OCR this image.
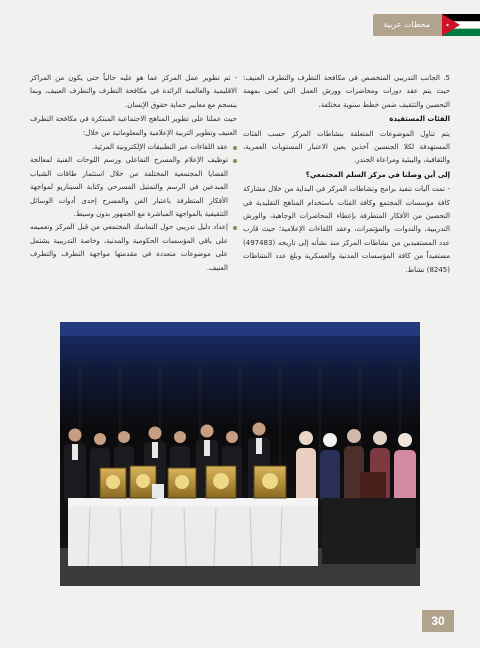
محطات عربية

5. الجانب التدريبي المتخصص في مكافحة التطرف والتطرف العنيف: حيث يتم عقد دورات ومحاضرات وورش العمل التي تُعنى بمهمة التحصين والتثقيف ضمن خطط سنوية مختلفة.

الفئات المستفيدة

يتم تناول الموضوعات المتعلقة بنشاطات المركز حسب الفئات المستهدفة لكلا الجنسين آخذين بعين الاعتبار المستويات العمرية، والثقافية، والبيئية ومراعاة الجندر.

إلى أين وصلنا في مركز السلم المجتمعي؟

- تمت آليات تنفيذ برامج ونشاطات المركز في البداية من خلال مشاركة كافة مؤسسات المجتمع وكافة الفئات باستخدام المناهج التقليدية في التحصين من الأفكار المتطرفة بإعطاء المحاضرات الوجاهية، والورش التدريبية، والندوات، والمؤتمرات، وعقد اللقاءات الإعلامية؛ حيث قارب عدد المستفيدين من نشاطات المركز منذ نشأته إلى تاريخه (497483) مستفيداً من كافة المؤسسات المدنية والعسكرية وبلغ عدد النشاطات (8245) نشاط.

- تم تطوير عمل المركز عما هو عليه حالياً حتى يكون من المراكز الاقليمية والعالمية الرائدة في مكافحة التطرف والتطرف العنيف، وبما ينسجم مع معايير حماية حقوق الإنسان.

حيث عملنا على تطوير المناهج الاجتماعية المبتكرة في مكافحة التطرف العنيف وتطوير التربية الإعلامية والمعلوماتية من خلال:

عقد اللقاءات عبر التطبيقات الإلكترونية المرئية.
توظيف الإعلام والمسرح التفاعلي ورسم اللوحات الفنية لمعالجة القضايا المجتمعية المختلفة من خلال استثمار طاقات الشباب المبدعين في الرسم والتمثيل المسرحي وكتابة السيناريو لمواجهة الأفكار المتطرفة باعتبار الفن والمسرح إحدى أدوات الوسائل التثقيفية بالمواجهة المباشرة مع الجمهور بدون وسيط.
إعداد دليل تدريبي حول التماسك المجتمعي من قبل المركز وتعميمه على باقي المؤسسات الحكومية والمدنية، وخاصة التدريبية يشتمل على موضوعات متعددة في مقدمتها مواجهة التطرف والتطرف العنيف.
30
